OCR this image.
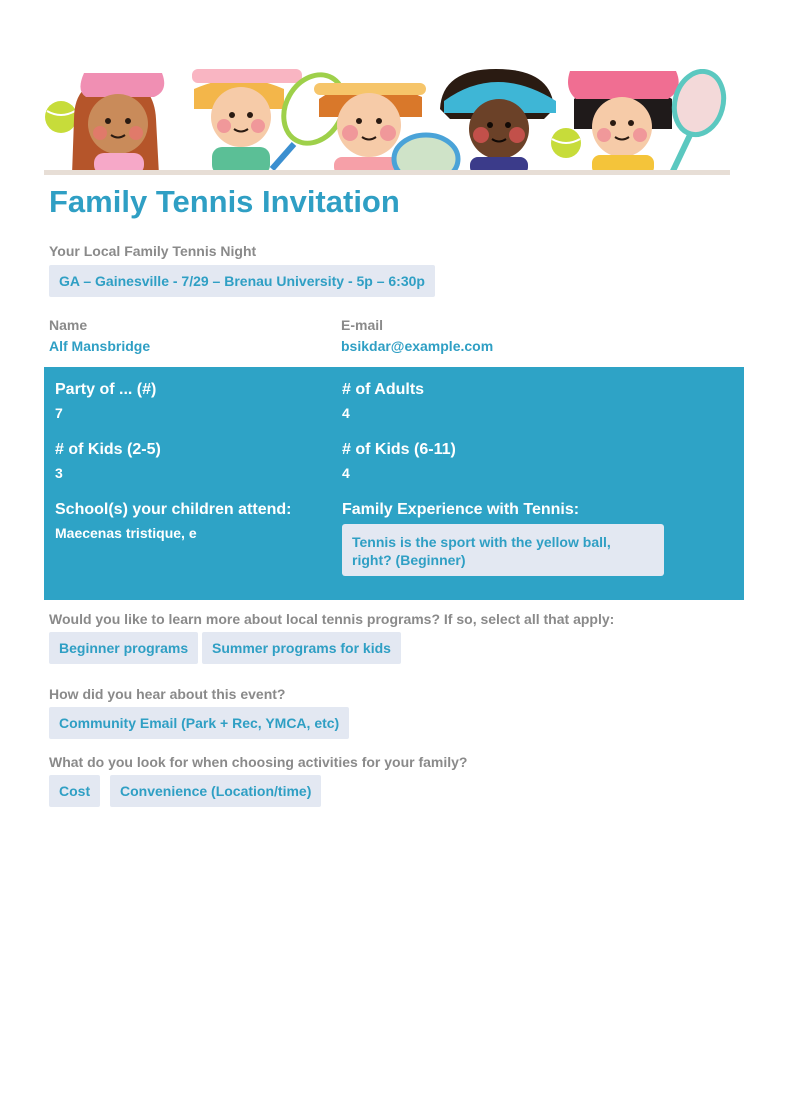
Family Tennis Invitation
Your Local Family Tennis Night
GA – Gainesville - 7/29 – Brenau University - 5p – 6:30p
Name
Alf Mansbridge
E-mail
bsikdar@example.com
Party of ... (#)
7
# of Adults
4
# of Kids (2-5)
3
# of Kids (6-11)
4
School(s) your children attend:
Maecenas tristique, e
Family Experience with Tennis:
Tennis is the sport with the yellow ball, right? (Beginner)
Would you like to learn more about local tennis programs? If so, select all that apply:
Beginner programs	Summer programs for kids
How did you hear about this event?
Community Email (Park + Rec, YMCA, etc)
What do you look for when choosing activities for your family?
Cost	Convenience (Location/time)
